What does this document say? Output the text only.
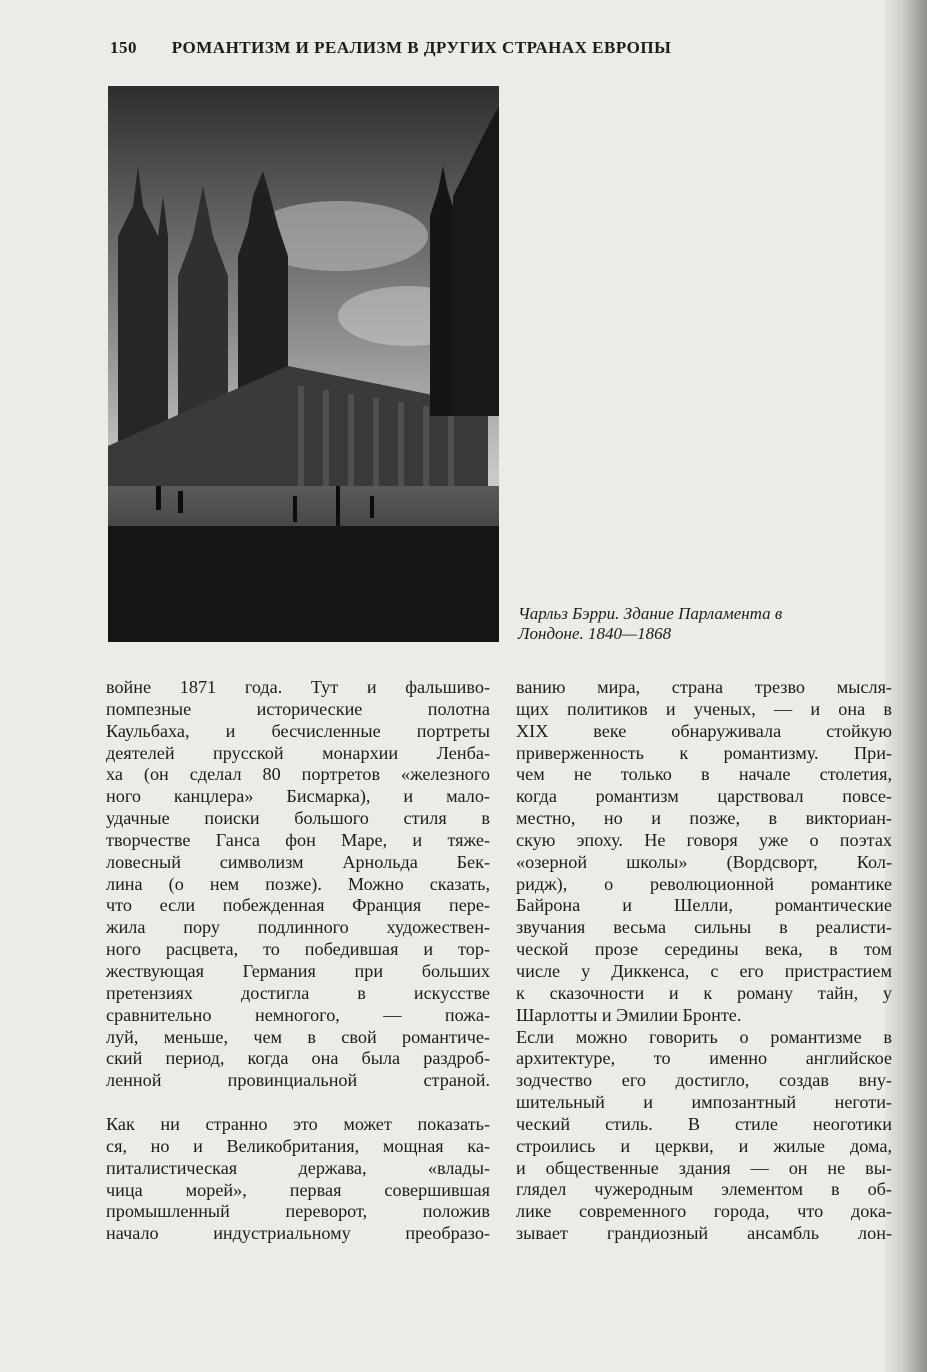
150 РОМАНТИЗМ И РЕАЛИЗМ В ДРУГИХ СТРАНАХ ЕВРОПЫ
Чарльз Бэрри. Здание Парламента в
Лондоне. 1840—1868
войне 1871 года. Тут и фальшиво-
помпезные исторические полотна
Каульбаха, и бесчисленные портреты
деятелей прусской монархии Ленба-
ха (он сделал 80 портретов «железного
ного канцлера» Бисмарка), и мало-
удачные поиски большого стиля в
творчестве Ганса фон Маре, и тяже-
ловесный символизм Арнольда Бек-
лина (о нем позже). Можно сказать,
что если побежденная Франция пере-
жила пору подлинного художествен-
ного расцвета, то победившая и тор-
жествующая Германия при больших
претензиях достигла в искусстве
сравнительно немногого, — пожа-
луй, меньше, чем в свой романтиче-
ский период, когда она была раздроб-
ленной провинциальной страной.
Как ни странно это может показать-
ся, но и Великобритания, мощная ка-
питалистическая держава, «влады-
чица морей», первая совершившая
промышленный переворот, положив
начало индустриальному преобразо-
ванию мира, страна трезво мысля-
щих политиков и ученых, — и она в
XIX веке обнаруживала стойкую
приверженность к романтизму. При-
чем не только в начале столетия,
когда романтизм царствовал повсе-
местно, но и позже, в викториан-
скую эпоху. Не говоря уже о поэтах
«озерной школы» (Вордсворт, Кол-
ридж), о революционной романтике
Байрона и Шелли, романтические
звучания весьма сильны в реалисти-
ческой прозе середины века, в том
числе у Диккенса, с его пристрастием
к сказочности и к роману тайн, у
Шарлотты и Эмилии Бронте.
Если можно говорить о романтизме в
архитектуре, то именно английское
зодчество его достигло, создав вну-
шительный и импозантный неготи-
ческий стиль. В стиле неоготики
строились и церкви, и жилые дома,
и общественные здания — он не вы-
глядел чужеродным элементом в об-
лике современного города, что дока-
зывает грандиозный ансамбль лон-
